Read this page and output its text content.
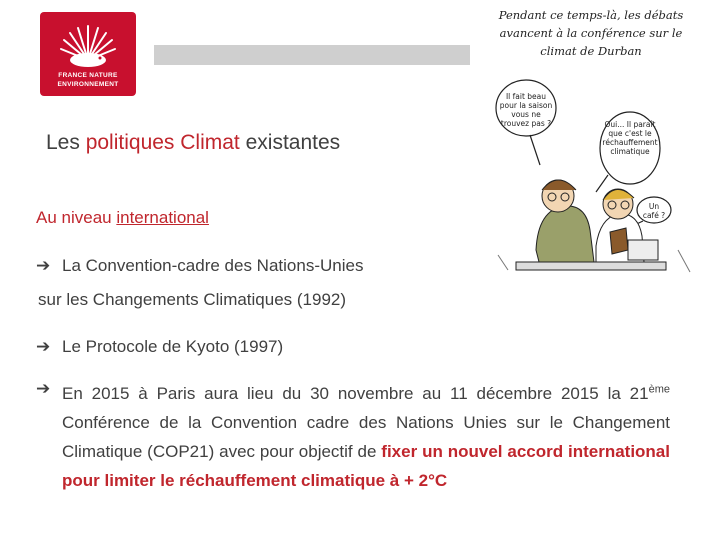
FRANCE NATURE
ENVIRONNEMENT
Les politiques Climat existantes
Au niveau international
➔ La Convention-cadre des Nations-Unies
sur les Changements Climatiques (1992)
➔ Le Protocole de Kyoto (1997)
➔ En 2015 à Paris aura lieu du 30 novembre au 11 décembre 2015 la 21ème Conférence de la Convention cadre des Nations Unies sur le Changement Climatique (COP21) avec pour objectif de fixer un nouvel accord international pour limiter le réchauffement climatique à + 2°C
Pendant ce temps-là, les débats avancent à la conférence sur le climat de Durban
Il fait beau pour la saison vous ne trouvez pas ?	Oui... Il paraît que c'est le réchauffement climatique
Un café ?
